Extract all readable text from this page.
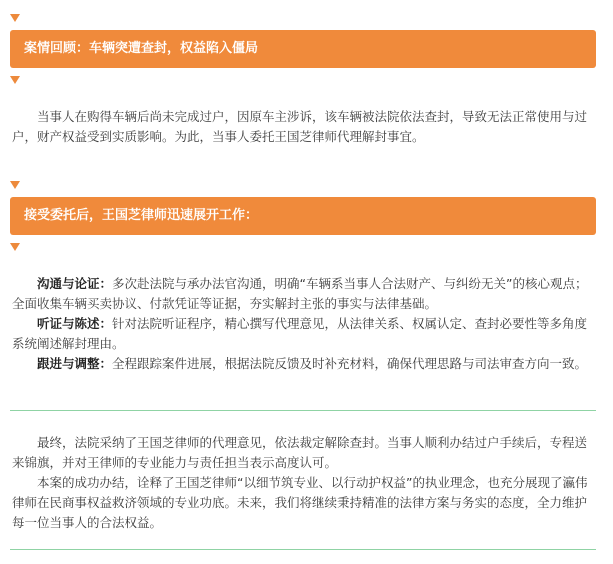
案情回顾：车辆突遭查封，权益陷入僵局

当事人在购得车辆后尚未完成过户，因原车主涉诉，该车辆被法院依法查封，导致无法正常使用与过户，财产权益受到实质影响。为此，当事人委托王国芝律师代理解封事宜。

接受委托后，王国芝律师迅速展开工作：

沟通与论证：多次赴法院与承办法官沟通，明确“车辆系当事人合法财产、与纠纷无关”的核心观点；全面收集车辆买卖协议、付款凭证等证据，夯实解封主张的事实与法律基础。

听证与陈述：针对法院听证程序，精心撰写代理意见，从法律关系、权属认定、查封必要性等多角度系统阐述解封理由。

跟进与调整：全程跟踪案件进展，根据法院反馈及时补充材料，确保代理思路与司法审查方向一致。

最终，法院采纳了王国芝律师的代理意见，依法裁定解除查封。当事人顺利办结过户手续后，专程送来锦旗，并对王律师的专业能力与责任担当表示高度认可。

本案的成功办结，诠释了王国芝律师“以细节筑专业、以行动护权益”的执业理念，也充分展现了瀛伟律师在民商事权益救济领域的专业功底。未来，我们将继续秉持精准的法律方案与务实的态度，全力维护每一位当事人的合法权益。
